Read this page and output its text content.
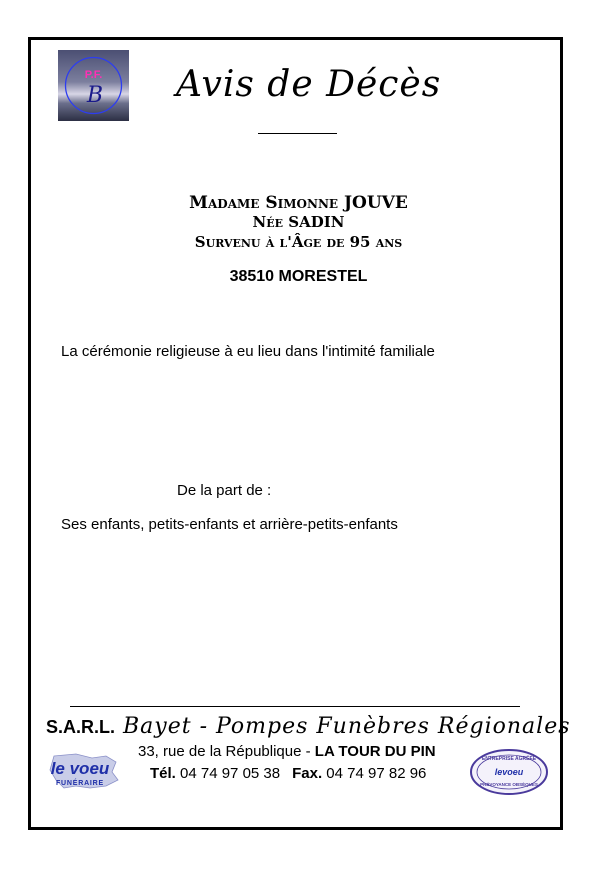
P.F.
B Avis de Décès
Madame Simonne JOUVE
Née SADIN
Survenu à l'Âge de 95 ans
38510 MORESTEL
La cérémonie religieuse à eu lieu dans l'intimité familiale
De la part de :
Ses enfants, petits-enfants et arrière-petits-enfants
S.A.R.L. Bayet - Pompes Funèbres Régionales
33, rue de la République - LA TOUR DU PIN
Tél. 04 74 97 05 38 Fax. 04 74 97 82 96
le voeu
FUNÉRAIRE
ENTREPRISE AGRÉÉE
levoeu
PRÉVOYANCE OBSÈQUES
